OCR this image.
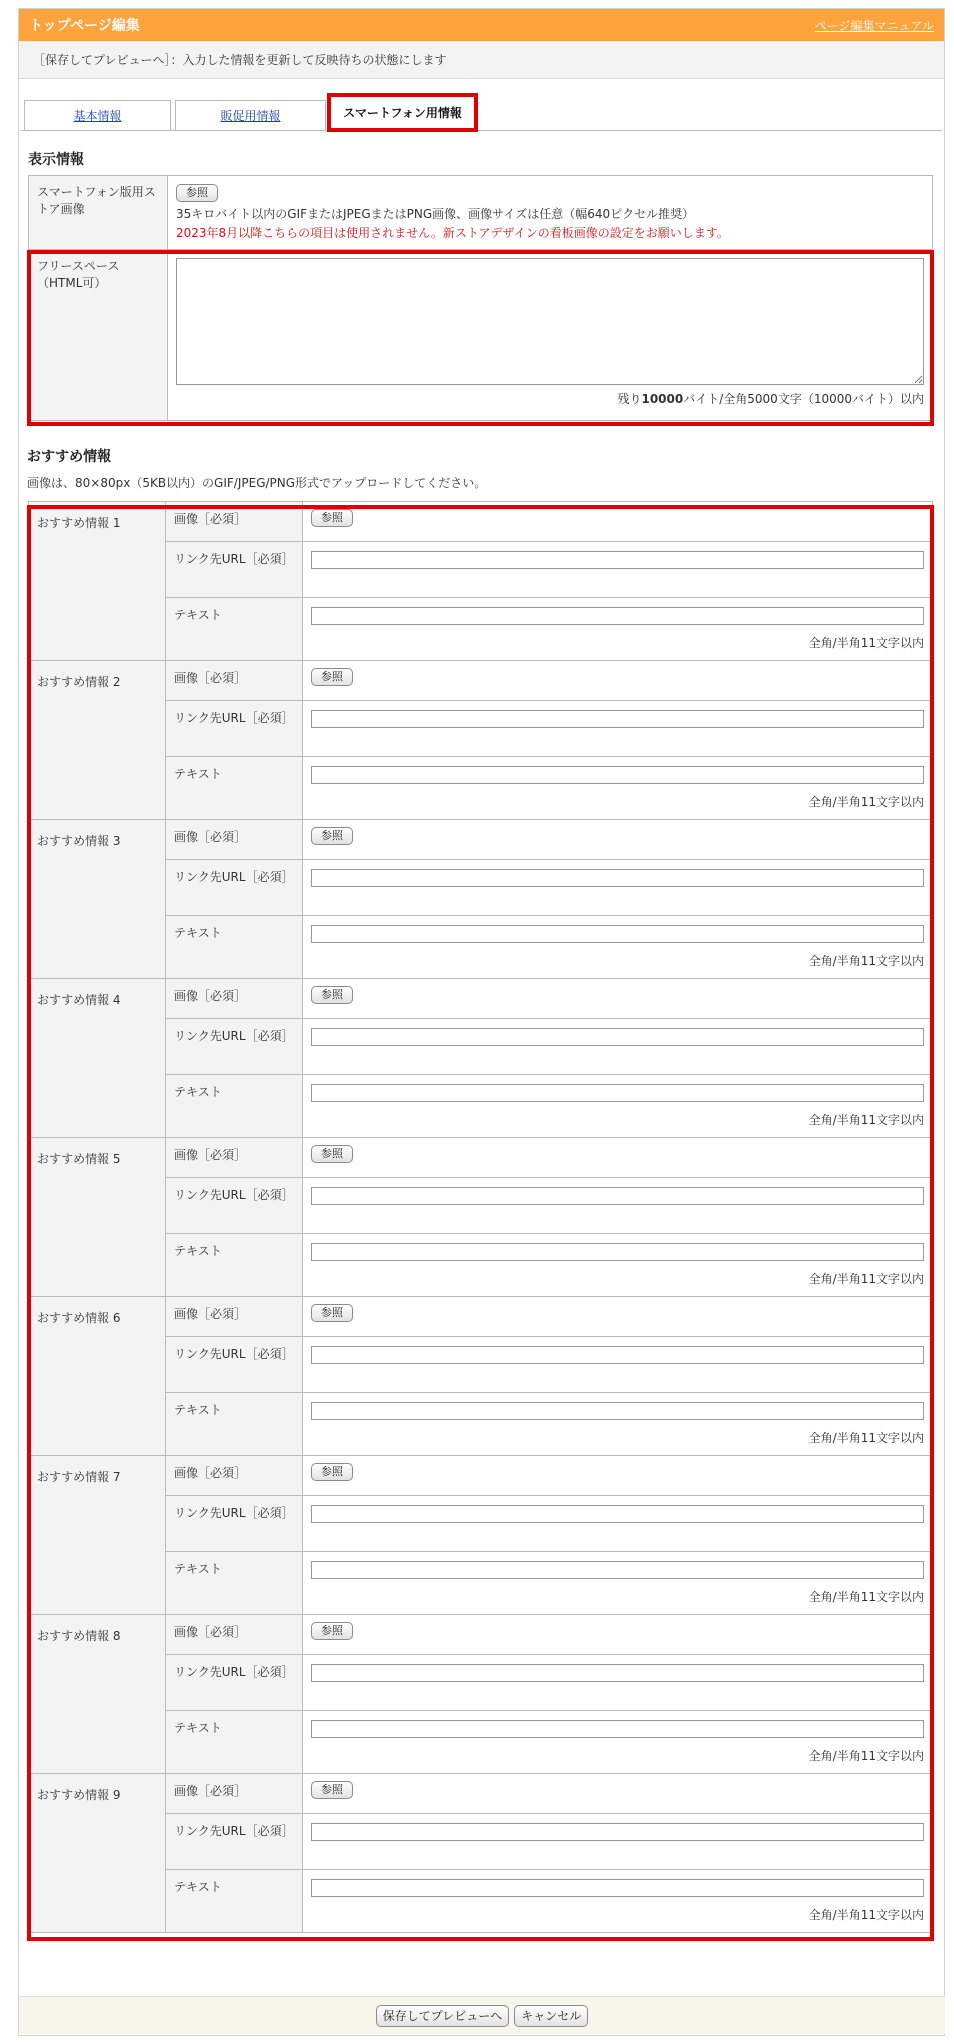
トップページ編集	ページ編集マニュアル
［保存してプレビューへ］：入力した情報を更新して反映待ちの状態にします
基本情報	販促用情報	スマートフォン用情報
表示情報
スマートフォン版用ストア画像	参照
35キロバイト以内のGIFまたはJPEGまたはPNG画像、画像サイズは任意（幅640ピクセル推奨）
2023年8月以降こちらの項目は使用されません。新ストアデザインの看板画像の設定をお願いします。

フリースペース（HTML可）	残り10000バイト/全角5000文字（10000バイト）以内
おすすめ情報
画像は、80×80px（5KB以内）のGIF/JPEG/PNG形式でアップロードしてください。
おすすめ情報 1	画像［必須］	参照
	リンク先URL［必須］	

	テキスト	全角/半角11文字以内

おすすめ情報 2	画像［必須］	参照
	リンク先URL［必須］	

	テキスト	全角/半角11文字以内

おすすめ情報 3	画像［必須］	参照
	リンク先URL［必須］	

	テキスト	全角/半角11文字以内

おすすめ情報 4	画像［必須］	参照
	リンク先URL［必須］	

	テキスト	全角/半角11文字以内

おすすめ情報 5	画像［必須］	参照
	リンク先URL［必須］	

	テキスト	全角/半角11文字以内

おすすめ情報 6	画像［必須］	参照
	リンク先URL［必須］	

	テキスト	全角/半角11文字以内

おすすめ情報 7	画像［必須］	参照
	リンク先URL［必須］	

	テキスト	全角/半角11文字以内

おすすめ情報 8	画像［必須］	参照
	リンク先URL［必須］	

	テキスト	全角/半角11文字以内

おすすめ情報 9	画像［必須］	参照
	リンク先URL［必須］	

	テキスト	全角/半角11文字以内
保存してプレビューへ	キャンセル
